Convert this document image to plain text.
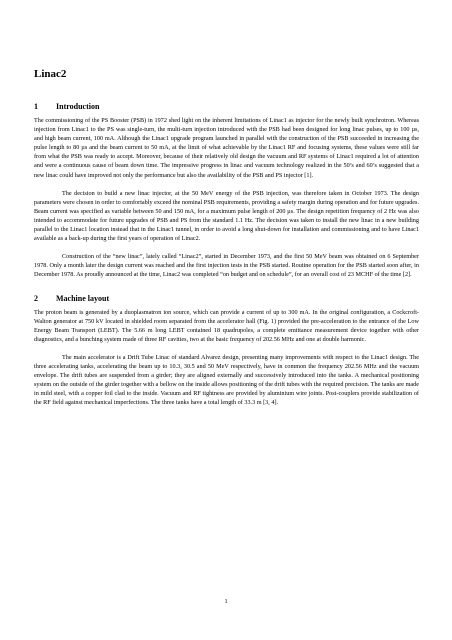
Linac2
1 Introduction

The commissioning of the PS Booster (PSB) in 1972 shed light on the inherent limitations of Linac1 as injector for the newly built synchrotron. Whereas injection from Linac1 to the PS was single-turn, the multi-turn injection introduced with the PSB had been designed for long linac pulses, up to 100 µs, and high beam current, 100 mA. Although the Linac1 upgrade program launched in parallel with the construction of the PSB succeeded in increasing the pulse length to 80 µs and the beam current to 50 mA, at the limit of what achievable by the Linac1 RF and focusing systems, these values were still far from what the PSB was ready to accept. Moreover, because of their relatively old design the vacuum and RF systems of Linac1 required a lot of attention and were a continuous cause of beam down time. The impressive progress in linac and vacuum technology realized in the 50’s and 60’s suggested that a new linac could have improved not only the performance but also the availability of the PSB and PS injector [1].

The decision to build a new linac injector, at the 50 MeV energy of the PSB injection, was therefore taken in October 1973. The design parameters were chosen in order to comfortably exceed the nominal PSB requirements, providing a safety margin during operation and for future upgrades. Beam current was specified as variable between 50 and 150 mA, for a maximum pulse length of 200 µs. The design repetition frequency of 2 Hz was also intended to accommodate for future upgrades of PSB and PS from the standard 1.1 Hz. The decision was taken to install the new linac in a new building parallel to the Linac1 location instead that in the Linac1 tunnel, in order to avoid a long shut-down for installation and commissioning and to have Linac1 available as a back-up during the first years of operation of Linac2.

Construction of the “new linac”, lately called “Linac2”, started in December 1973, and the first 50 MeV beam was obtained on 6 September 1978. Only a month later the design current was reached and the first injection tests in the PSB started. Routine operation for the PSB started soon after, in December 1978. As proudly announced at the time, Linac2 was completed “on budget and on schedule”, for an overall cost of 23 MCHF of the time [2].

2 Machine layout

The proton beam is generated by a duoplasmatron ion source, which can provide a current of up to 300 mA. In the original configuration, a Cockcroft-Walton generator at 750 kV located in shielded room separated from the accelerator hall (Fig. 1) provided the pre-acceleration to the entrance of the Low Energy Beam Transport (LEBT). The 5.66 m long LEBT contained 18 quadrupoles, a complete emittance measurement device together with other diagnostics, and a bunching system made of three RF cavities, two at the basic frequency of 202.56 MHz and one at double harmonic.

The main accelerator is a Drift Tube Linac of standard Alvarez design, presenting many improvements with respect to the Linac1 design. The three accelerating tanks, accelerating the beam up to 10.3, 30.5 and 50 MeV respectively, have in common the frequency 202.56 MHz and the vacuum envelope. The drift tubes are suspended from a girder; they are aligned externally and successively introduced into the tanks. A mechanical positioning system on the outside of the girder together with a bellow on the inside allows positioning of the drift tubes with the required precision. The tanks are made in mild steel, with a copper foil clad to the inside. Vacuum and RF tightness are provided by aluminium wire joints. Post-couplers provide stabilization of the RF field against mechanical imperfections. The three tanks have a total length of 33.3 m [3, 4].

1
